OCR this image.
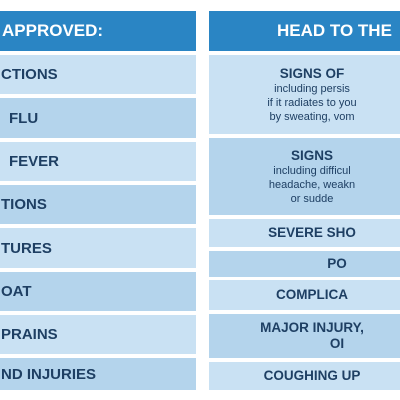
APPROVED:
CTIONS
FLU
FEVER
TIONS
TURES
OAT
PRAINS
ND INJURIES
HEAD TO THE
SIGNS OF
including persis
if it radiates to you
by sweating, vom
SIGNS
including difficul
headache, weakn
or sudde
SEVERE SHO
PO
COMPLICA
MAJOR INJURY,
OI
COUGHING UP
